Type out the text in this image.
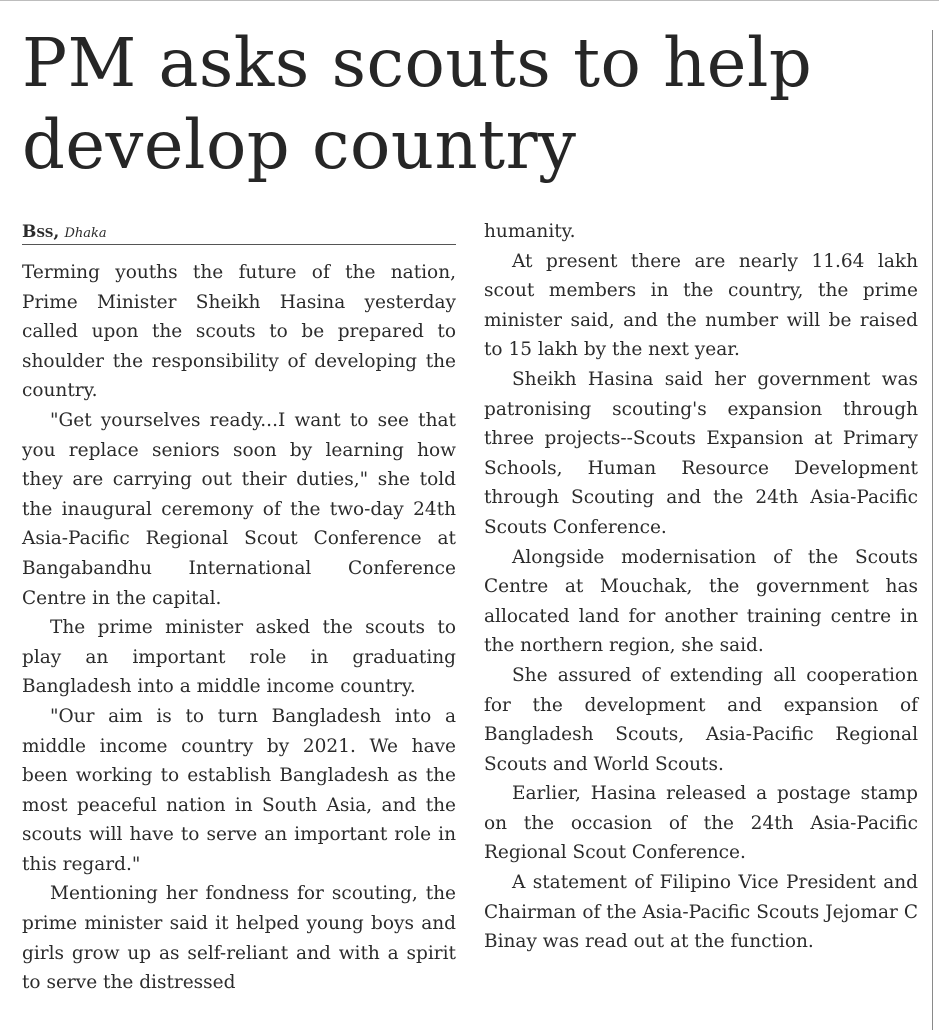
PM asks scouts to help develop country
Bss, Dhaka

Terming youths the future of the nation, Prime Minister Sheikh Hasina yesterday called upon the scouts to be prepared to shoulder the responsibility of developing the country.

"Get yourselves ready...I want to see that you replace seniors soon by learning how they are carrying out their duties," she told the inaugural ceremony of the two-day 24th Asia-Pacific Regional Scout Conference at Bangabandhu International Conference Centre in the capital.

The prime minister asked the scouts to play an important role in graduating Bangladesh into a middle income country.

"Our aim is to turn Bangladesh into a middle income country by 2021. We have been working to establish Bangladesh as the most peaceful nation in South Asia, and the scouts will have to serve an important role in this regard."

Mentioning her fondness for scouting, the prime minister said it helped young boys and girls grow up as self-reliant and with a spirit to serve the distressed

humanity.

At present there are nearly 11.64 lakh scout members in the country, the prime minister said, and the number will be raised to 15 lakh by the next year.

Sheikh Hasina said her government was patronising scouting's expansion through three projects--Scouts Expansion at Primary Schools, Human Resource Development through Scouting and the 24th Asia-Pacific Scouts Conference.

Alongside modernisation of the Scouts Centre at Mouchak, the government has allocated land for another training centre in the northern region, she said.

She assured of extending all cooperation for the development and expansion of Bangladesh Scouts, Asia-Pacific Regional Scouts and World Scouts.

Earlier, Hasina released a postage stamp on the occasion of the 24th Asia-Pacific Regional Scout Conference.

A statement of Filipino Vice President and Chairman of the Asia-Pacific Scouts Jejomar C Binay was read out at the function.
